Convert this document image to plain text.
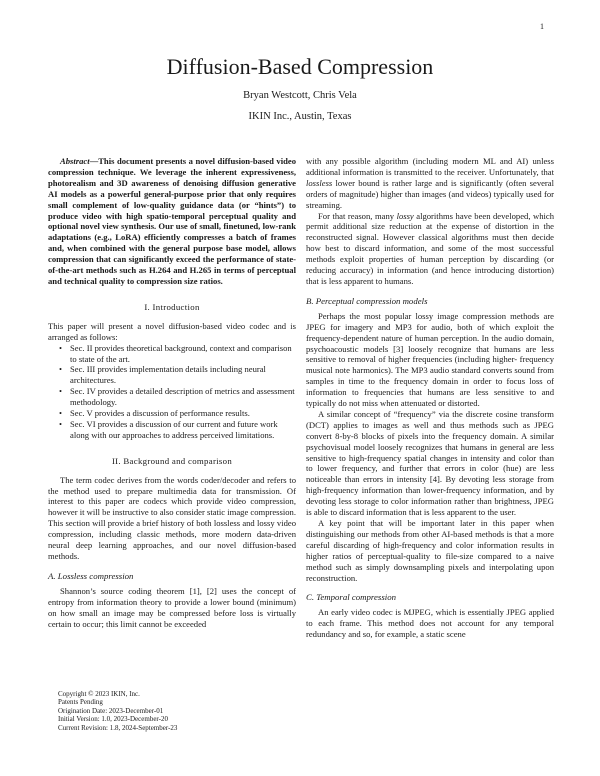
1
Diffusion-Based Compression
Bryan Westcott, Chris Vela
IKIN Inc., Austin, Texas

Abstract—This document presents a novel diffusion-based video compression technique. We leverage the inherent expressiveness, photorealism and 3D awareness of denoising diffusion generative AI models as a powerful general-purpose prior that only requires small complement of low-quality guidance data (or “hints”) to produce video with high spatio-temporal perceptual quality and optional novel view synthesis. Our use of small, finetuned, low-rank adaptations (e.g., LoRA) efficiently compresses a batch of frames and, when combined with the general purpose base model, allows compression that can significantly exceed the performance of state-of-the-art methods such as H.264 and H.265 in terms of perceptual and technical quality to compression size ratios.

I. Introduction

This paper will present a novel diffusion-based video codec and is arranged as follows:

• Sec. II provides theoretical background, context and comparison to state of the art.
• Sec. III provides implementation details including neural architectures.
• Sec. IV provides a detailed description of metrics and assessment methodology.
• Sec. V provides a discussion of performance results.
• Sec. VI provides a discussion of our current and future work along with our approaches to address perceived limitations.
II. Background and comparison

The term codec derives from the words coder/decoder and refers to the method used to prepare multimedia data for transmission. Of interest to this paper are codecs which provide video compression, however it will be instructive to also consider static image compression. This section will provide a brief history of both lossless and lossy video compression, including classic methods, more modern data-driven neural deep learning approaches, and our novel diffusion-based methods.

A. Lossless compression

Shannon’s source coding theorem [1], [2] uses the concept of entropy from information theory to provide a lower bound (minimum) on how small an image may be compressed before loss is virtually certain to occur; this limit cannot be exceeded

Copyright © 2023 IKIN, Inc.
Patents Pending
Origination Date: 2023-December-01
Initial Version: 1.0, 2023-December-20
Current Revision: 1.8, 2024-September-23

with any possible algorithm (including modern ML and AI) unless additional information is transmitted to the receiver. Unfortunately, that lossless lower bound is rather large and is significantly (often several orders of magnitude) higher than images (and videos) typically used for streaming.

For that reason, many lossy algorithms have been developed, which permit additional size reduction at the expense of distortion in the reconstructed signal. However classical algorithms must then decide how best to discard information, and some of the most successful methods exploit properties of human perception by discarding (or reducing accuracy) in information (and hence introducing distortion) that is less apparent to humans.

B. Perceptual compression models

Perhaps the most popular lossy image compression methods are JPEG for imagery and MP3 for audio, both of which exploit the frequency-dependent nature of human perception. In the audio domain, psychoacoustic models [3] loosely recognize that humans are less sensitive to removal of higher frequencies (including higher- frequency musical note harmonics). The MP3 audio standard converts sound from samples in time to the frequency domain in order to focus loss of information to frequencies that humans are less sensitive to and typically do not miss when attenuated or distorted.

A similar concept of “frequency” via the discrete cosine transform (DCT) applies to images as well and thus methods such as JPEG convert 8-by-8 blocks of pixels into the frequency domain. A similar psychovisual model loosely recognizes that humans in general are less sensitive to high-frequency spatial changes in intensity and color than to lower frequency, and further that errors in color (hue) are less noticeable than errors in intensity [4]. By devoting less storage from high-frequency information than lower-frequency information, and by devoting less storage to color information rather than brightness, JPEG is able to discard information that is less apparent to the user.

A key point that will be important later in this paper when distinguishing our methods from other AI-based methods is that a more careful discarding of high-frequency and color information results in higher ratios of perceptual-quality to file-size compared to a naive method such as simply downsampling pixels and interpolating upon reconstruction.

C. Temporal compression

An early video codec is MJPEG, which is essentially JPEG applied to each frame. This method does not account for any temporal redundancy and so, for example, a static scene
